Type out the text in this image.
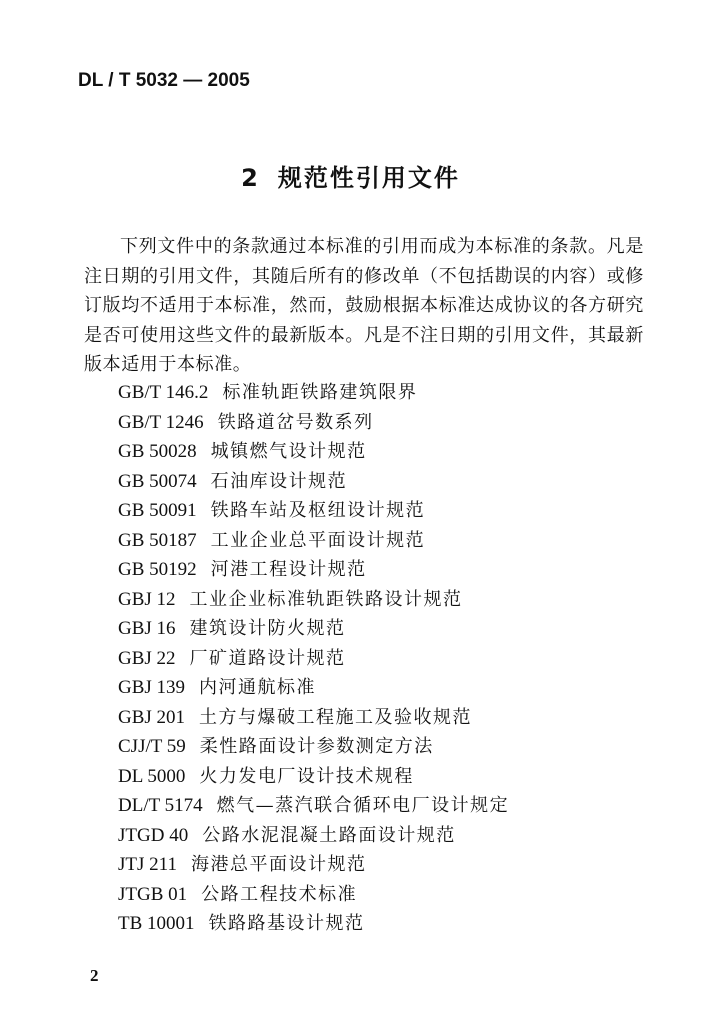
DL / T 5032 — 2005
2 规范性引用文件
下列文件中的条款通过本标准的引用而成为本标准的条款。凡是注日期的引用文件，其随后所有的修改单（不包括勘误的内容）或修订版均不适用于本标准，然而，鼓励根据本标准达成协议的各方研究是否可使用这些文件的最新版本。凡是不注日期的引用文件，其最新版本适用于本标准。
GB/T 146.2 标准轨距铁路建筑限界
GB/T 1246 铁路道岔号数系列
GB 50028 城镇燃气设计规范
GB 50074 石油库设计规范
GB 50091 铁路车站及枢纽设计规范
GB 50187 工业企业总平面设计规范
GB 50192 河港工程设计规范
GBJ 12 工业企业标准轨距铁路设计规范
GBJ 16 建筑设计防火规范
GBJ 22 厂矿道路设计规范
GBJ 139 内河通航标准
GBJ 201 土方与爆破工程施工及验收规范
CJJ/T 59 柔性路面设计参数测定方法
DL 5000 火力发电厂设计技术规程
DL/T 5174 燃气—蒸汽联合循环电厂设计规定
JTGD 40 公路水泥混凝土路面设计规范
JTJ 211 海港总平面设计规范
JTGB 01 公路工程技术标准
TB 10001 铁路路基设计规范
2
